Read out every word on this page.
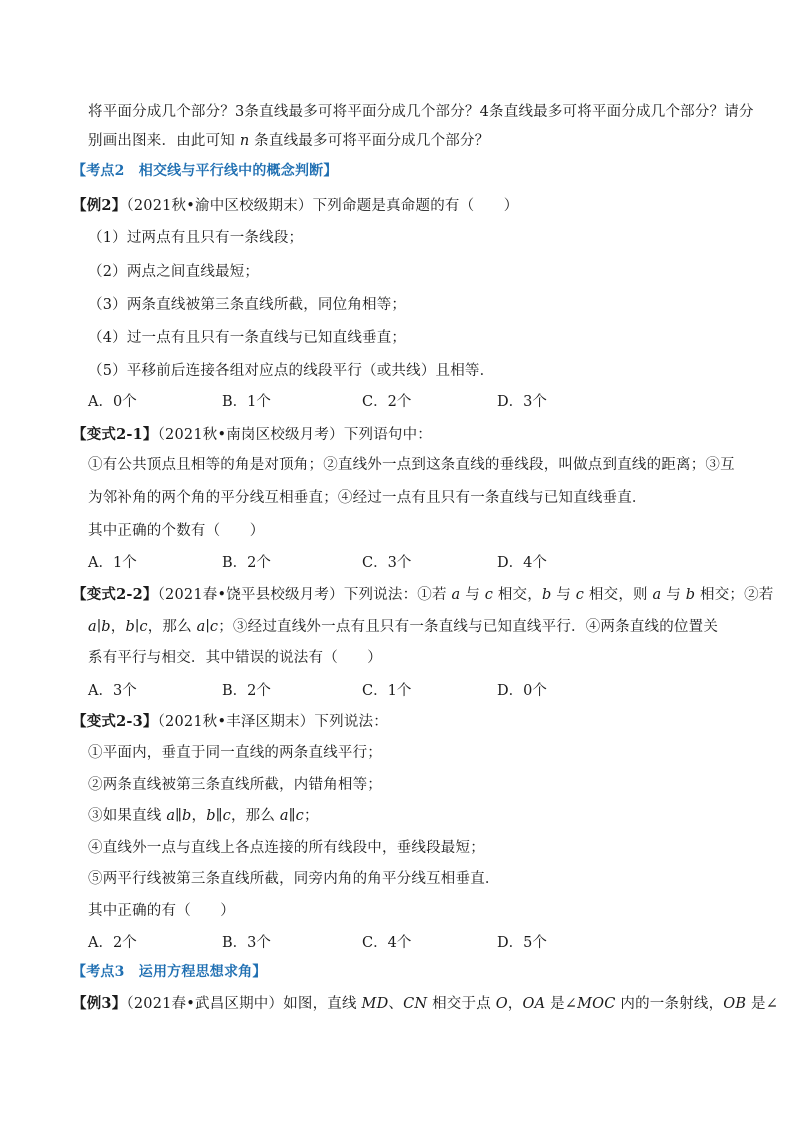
将平面分成几个部分？3条直线最多可将平面分成几个部分？4条直线最多可将平面分成几个部分？请分
别画出图来．由此可知 n 条直线最多可将平面分成几个部分？
【考点2　相交线与平行线中的概念判断】
【例2】（2021秋•渝中区校级期末）下列命题是真命题的有（　　）
（1）过两点有且只有一条线段；
（2）两点之间直线最短；
（3）两条直线被第三条直线所截，同位角相等；
（4）过一点有且只有一条直线与已知直线垂直；
（5）平移前后连接各组对应点的线段平行（或共线）且相等．
A．0个	B．1个	C．2个	D．3个
【变式2-1】（2021秋•南岗区校级月考）下列语句中：
①有公共顶点且相等的角是对顶角；②直线外一点到这条直线的垂线段，叫做点到直线的距离；③互
为邻补角的两个角的平分线互相垂直；④经过一点有且只有一条直线与已知直线垂直．
其中正确的个数有（　　）
A．1个	B．2个	C．3个	D．4个
【变式2-2】（2021春•饶平县校级月考）下列说法：①若 a 与 c 相交，b 与 c 相交，则 a 与 b 相交；②若
a∣b，b∣c，那么 a∣c；③经过直线外一点有且只有一条直线与已知直线平行．④两条直线的位置关
系有平行与相交．其中错误的说法有（　　）
A．3个	B．2个	C．1个	D．0个
【变式2-3】（2021秋•丰泽区期末）下列说法：
①平面内，垂直于同一直线的两条直线平行；
②两条直线被第三条直线所截，内错角相等；
③如果直线 a∥b，b∥c，那么 a∥c；
④直线外一点与直线上各点连接的所有线段中，垂线段最短；
⑤两平行线被第三条直线所截，同旁内角的角平分线互相垂直．
其中正确的有（　　）
A．2个	B．3个	C．4个	D．5个
【考点3　运用方程思想求角】
【例3】（2021春•武昌区期中）如图，直线 MD、CN 相交于点 O，OA 是∠MOC 内的一条射线，OB 是∠
